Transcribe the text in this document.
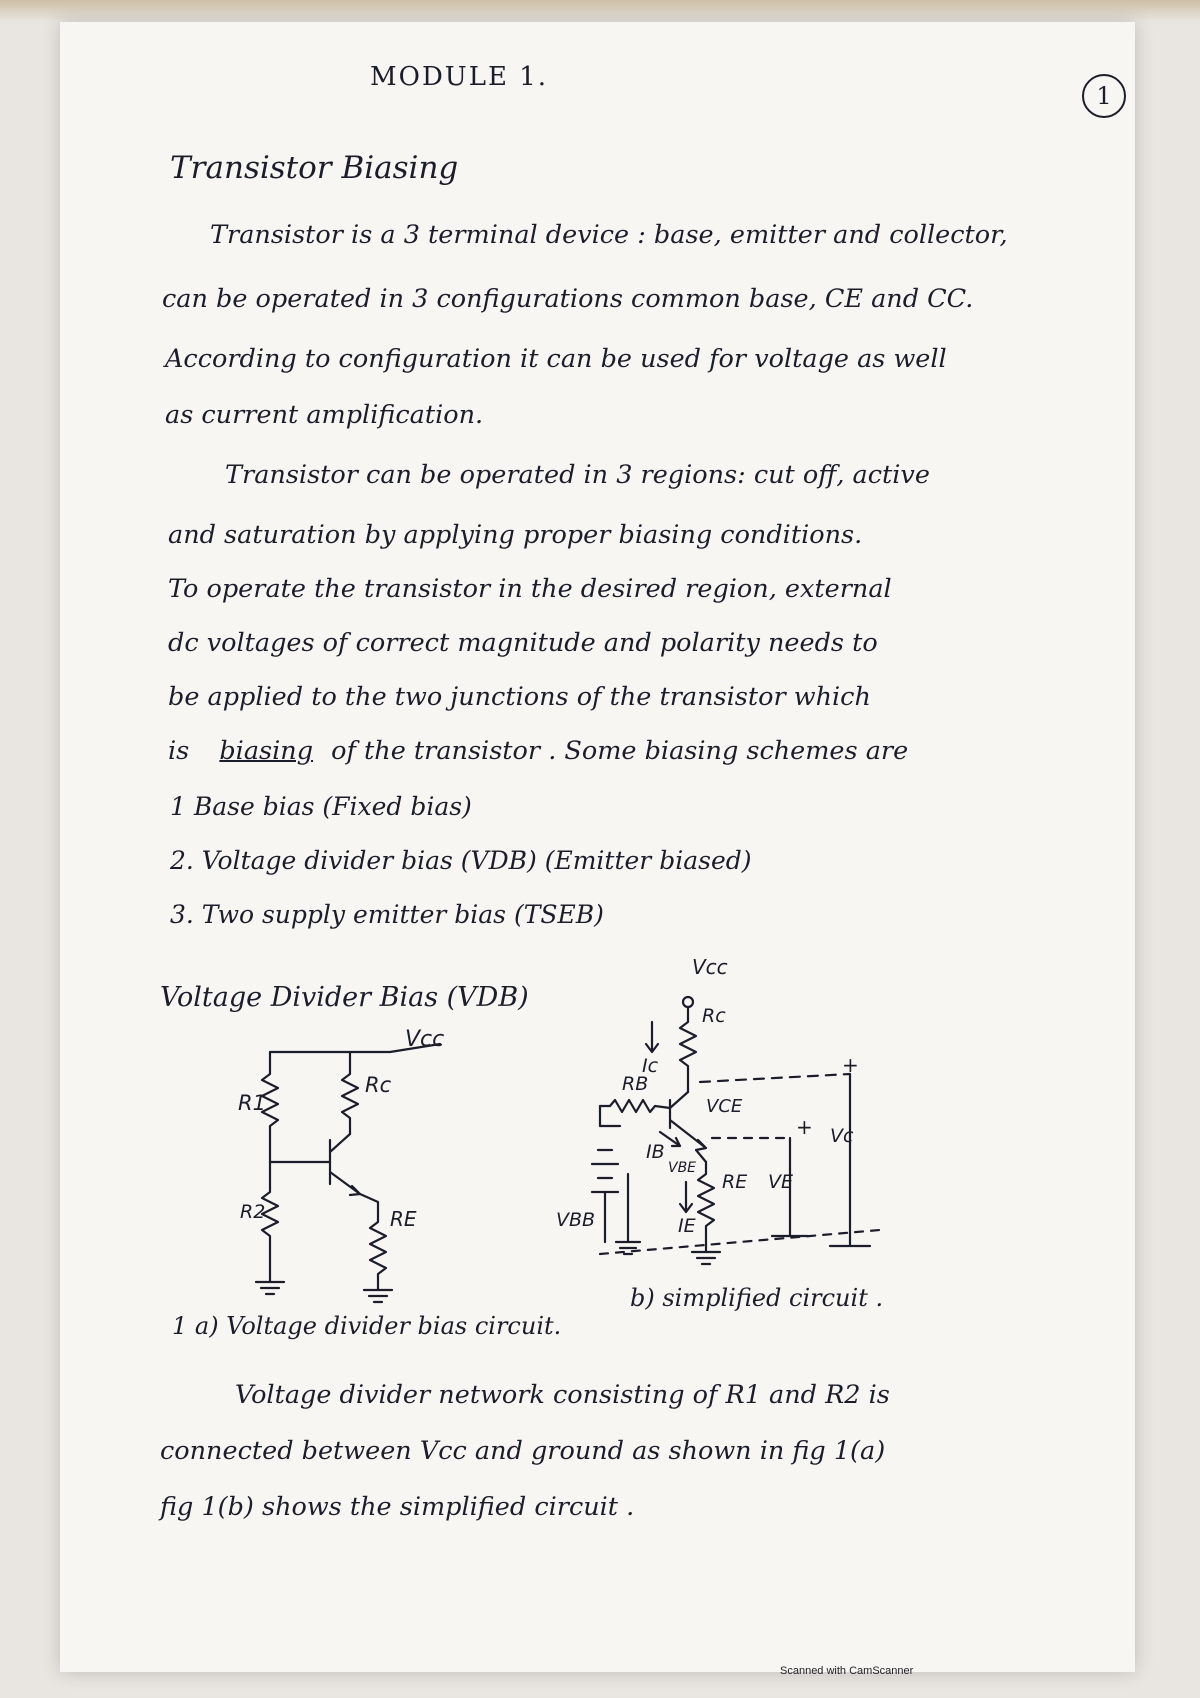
MODULE 1.
1
Transistor Biasing
Transistor is a 3 terminal device : base, emitter and collector,
can be operated in 3 configurations common base, CE and CC.
According to configuration it can be used for voltage as well
as current amplification.
Transistor can be operated in 3 regions: cut off, active
and saturation by applying proper biasing conditions.
To operate the transistor in the desired region, external
dc voltages of correct magnitude and polarity needs to
be applied to the two junctions of the transistor which
is biasing of the transistor . Some biasing schemes are
1 Base bias (Fixed bias)
2. Voltage divider bias (VDB) (Emitter biased)
3. Two supply emitter bias (TSEB)
Voltage Divider Bias (VDB)
Vcc
R1
Rc
R2	RE
Vcc
Rc
Ic
RB
VCE
IB
VBE
RE VE
IE
VBB
Vc
+
+
1 a) Voltage divider bias circuit.
b) simplified circuit .
Voltage divider network consisting of R1 and R2 is
connected between Vcc and ground as shown in fig 1(a)
fig 1(b) shows the simplified circuit .
Scanned with CamScanner
